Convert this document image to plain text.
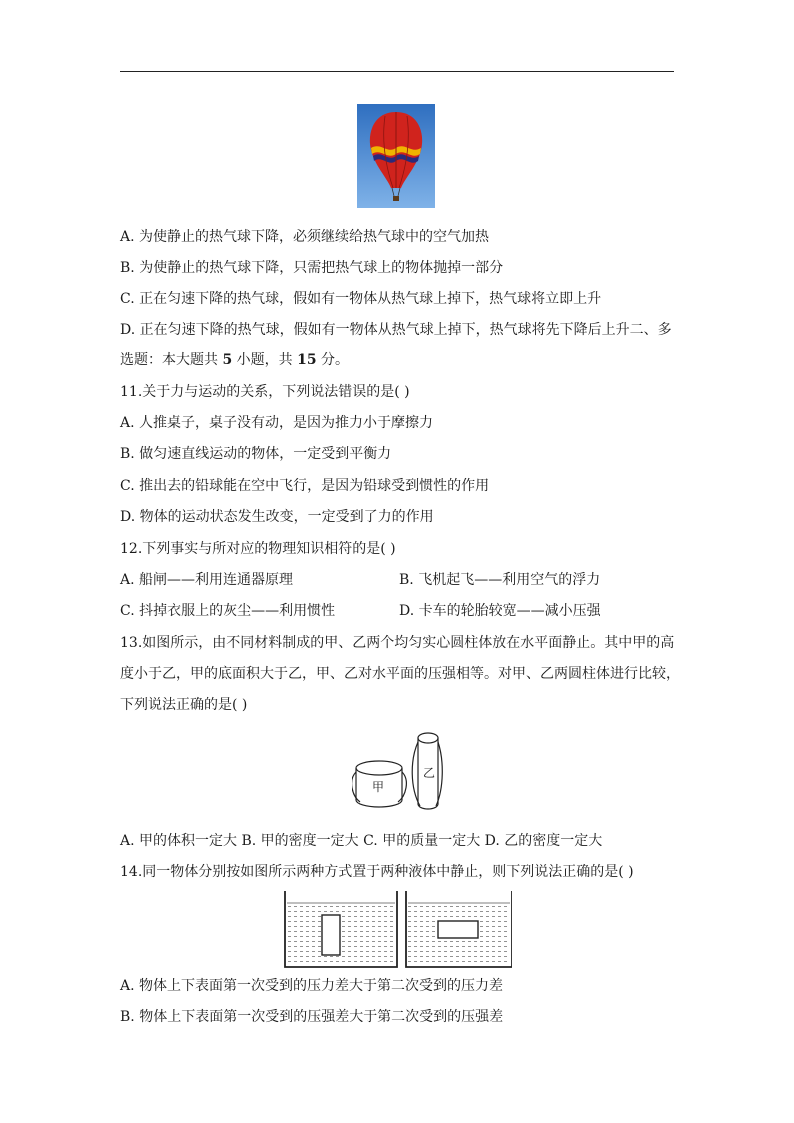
A. 为使静止的热气球下降，必须继续给热气球中的空气加热
B. 为使静止的热气球下降，只需把热气球上的物体抛掉一部分
C. 正在匀速下降的热气球，假如有一物体从热气球上掉下，热气球将立即上升
D. 正在匀速下降的热气球，假如有一物体从热气球上掉下，热气球将先下降后上升二、多
选题：本大题共 5 小题，共 15 分。
11.关于力与运动的关系，下列说法错误的是( )
A. 人推桌子，桌子没有动，是因为推力小于摩擦力
B. 做匀速直线运动的物体，一定受到平衡力
C. 推出去的铅球能在空中飞行，是因为铅球受到惯性的作用
D. 物体的运动状态发生改变，一定受到了力的作用
12.下列事实与所对应的物理知识相符的是( )
A. 船闸——利用连通器原理	B. 飞机起飞——利用空气的浮力
C. 抖掉衣服上的灰尘——利用惯性	D. 卡车的轮胎较宽——减小压强
13.如图所示，由不同材料制成的甲、乙两个均匀实心圆柱体放在水平面静止。其中甲的高
度小于乙，甲的底面积大于乙，甲、乙对水平面的压强相等。对甲、乙两圆柱体进行比较，
下列说法正确的是( )
甲
乙
A. 甲的体积一定大 B. 甲的密度一定大 C. 甲的质量一定大 D. 乙的密度一定大
14.同一物体分别按如图所示两种方式置于两种液体中静止，则下列说法正确的是( )
A. 物体上下表面第一次受到的压力差大于第二次受到的压力差
B. 物体上下表面第一次受到的压强差大于第二次受到的压强差
